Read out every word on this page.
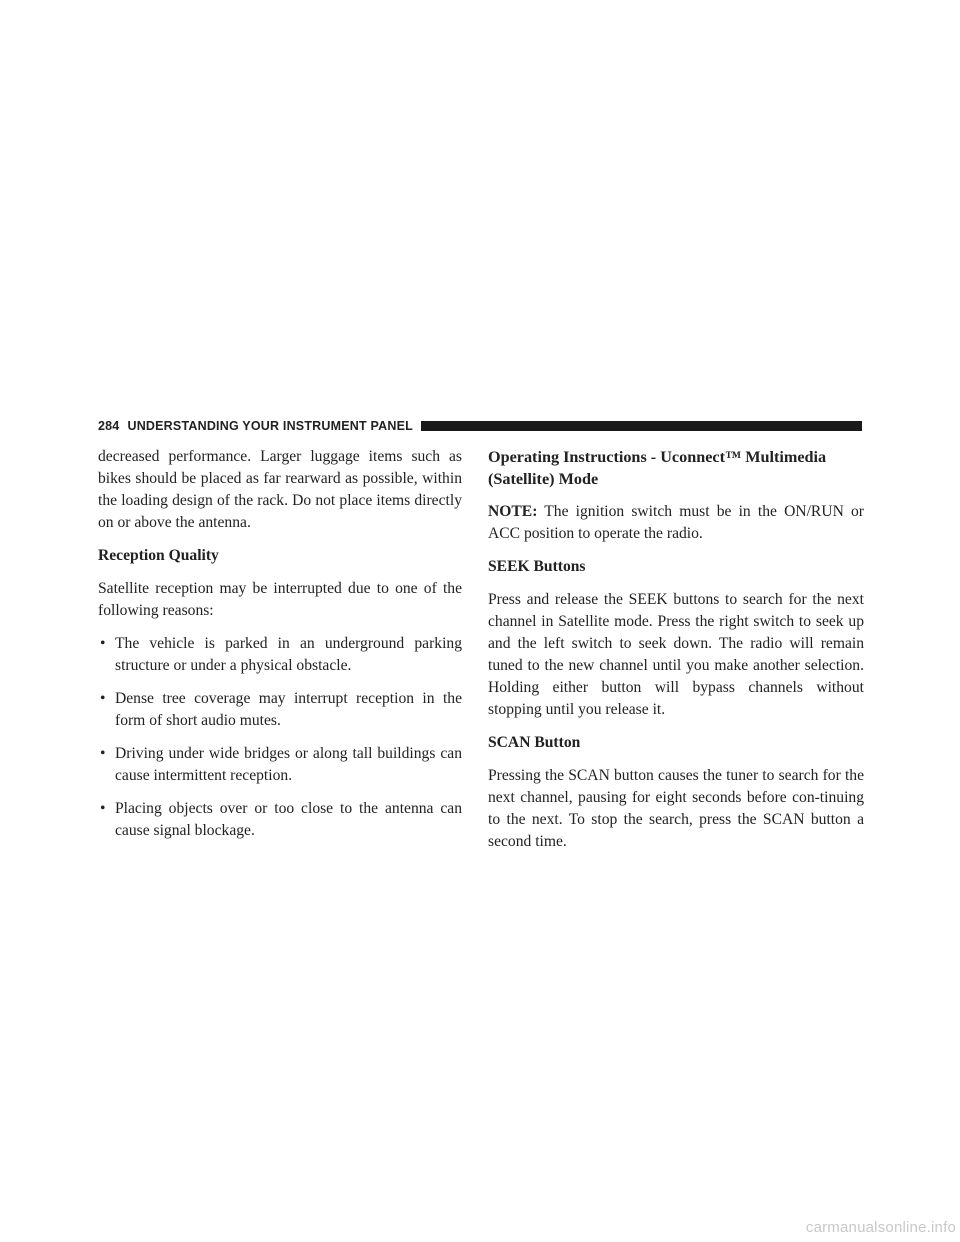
284 UNDERSTANDING YOUR INSTRUMENT PANEL

decreased performance. Larger luggage items such as bikes should be placed as far rearward as possible, within the loading design of the rack. Do not place items directly on or above the antenna.

Reception Quality

Satellite reception may be interrupted due to one of the following reasons:

• The vehicle is parked in an underground parking structure or under a physical obstacle.
• Dense tree coverage may interrupt reception in the form of short audio mutes.
• Driving under wide bridges or along tall buildings can cause intermittent reception.
• Placing objects over or too close to the antenna can cause signal blockage.
Operating Instructions - Uconnect™ Multimedia (Satellite) Mode

NOTE: The ignition switch must be in the ON/RUN or ACC position to operate the radio.

SEEK Buttons

Press and release the SEEK buttons to search for the next channel in Satellite mode. Press the right switch to seek up and the left switch to seek down. The radio will remain tuned to the new channel until you make another selection. Holding either button will bypass channels without stopping until you release it.

SCAN Button

Pressing the SCAN button causes the tuner to search for the next channel, pausing for eight seconds before con-tinuing to the next. To stop the search, press the SCAN button a second time.

carmanualsonline.info
